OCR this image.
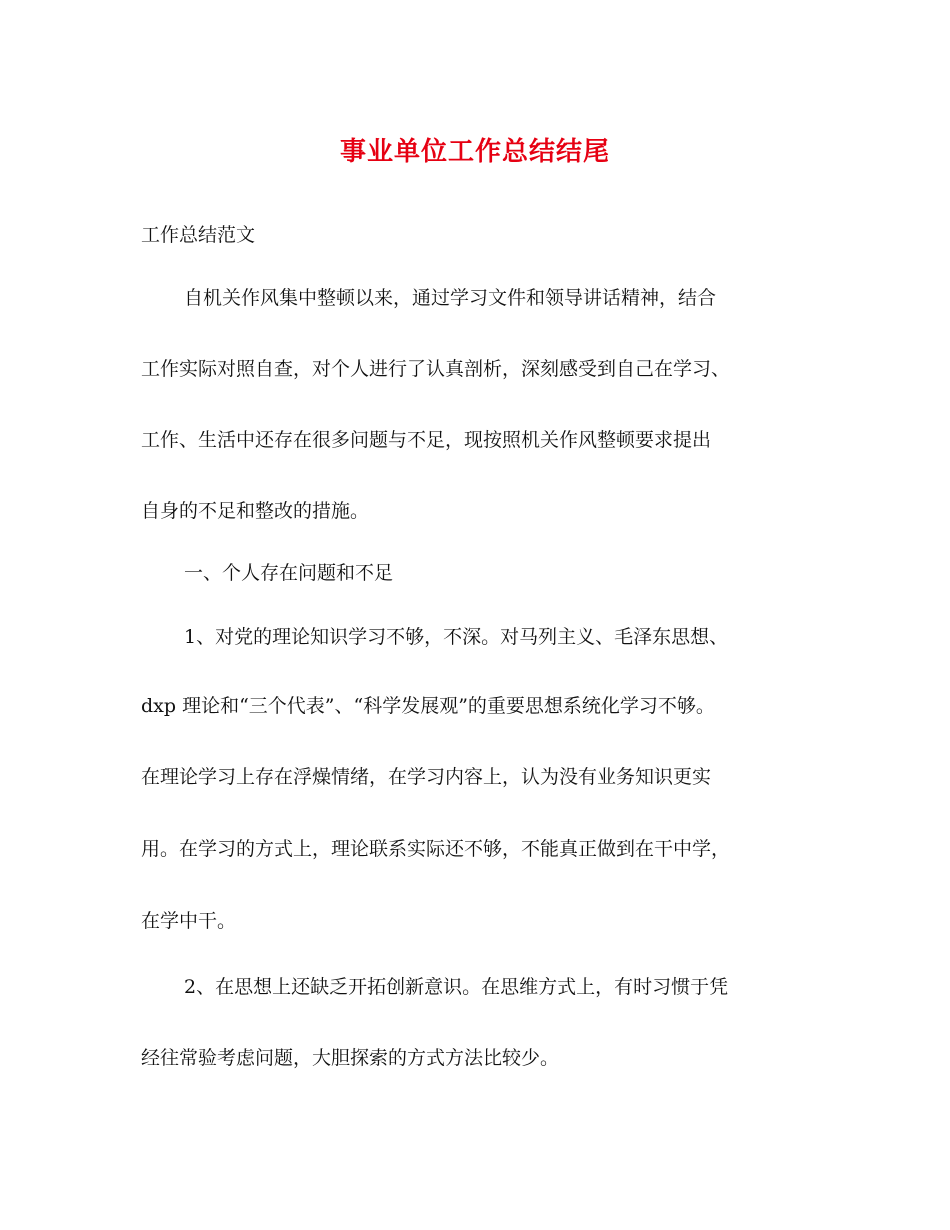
事业单位工作总结结尾
工作总结范文
自机关作风集中整顿以来，通过学习文件和领导讲话精神，结合
工作实际对照自查，对个人进行了认真剖析，深刻感受到自己在学习、
工作、生活中还存在很多问题与不足，现按照机关作风整顿要求提出
自身的不足和整改的措施。
一、个人存在问题和不足
1、对党的理论知识学习不够，不深。对马列主义、毛泽东思想、
dxp 理论和“三个代表”、“科学发展观”的重要思想系统化学习不够。
在理论学习上存在浮燥情绪，在学习内容上，认为没有业务知识更实
用。在学习的方式上，理论联系实际还不够，不能真正做到在干中学，
在学中干。
2、在思想上还缺乏开拓创新意识。在思维方式上，有时习惯于凭
经往常验考虑问题，大胆探索的方式方法比较少。
